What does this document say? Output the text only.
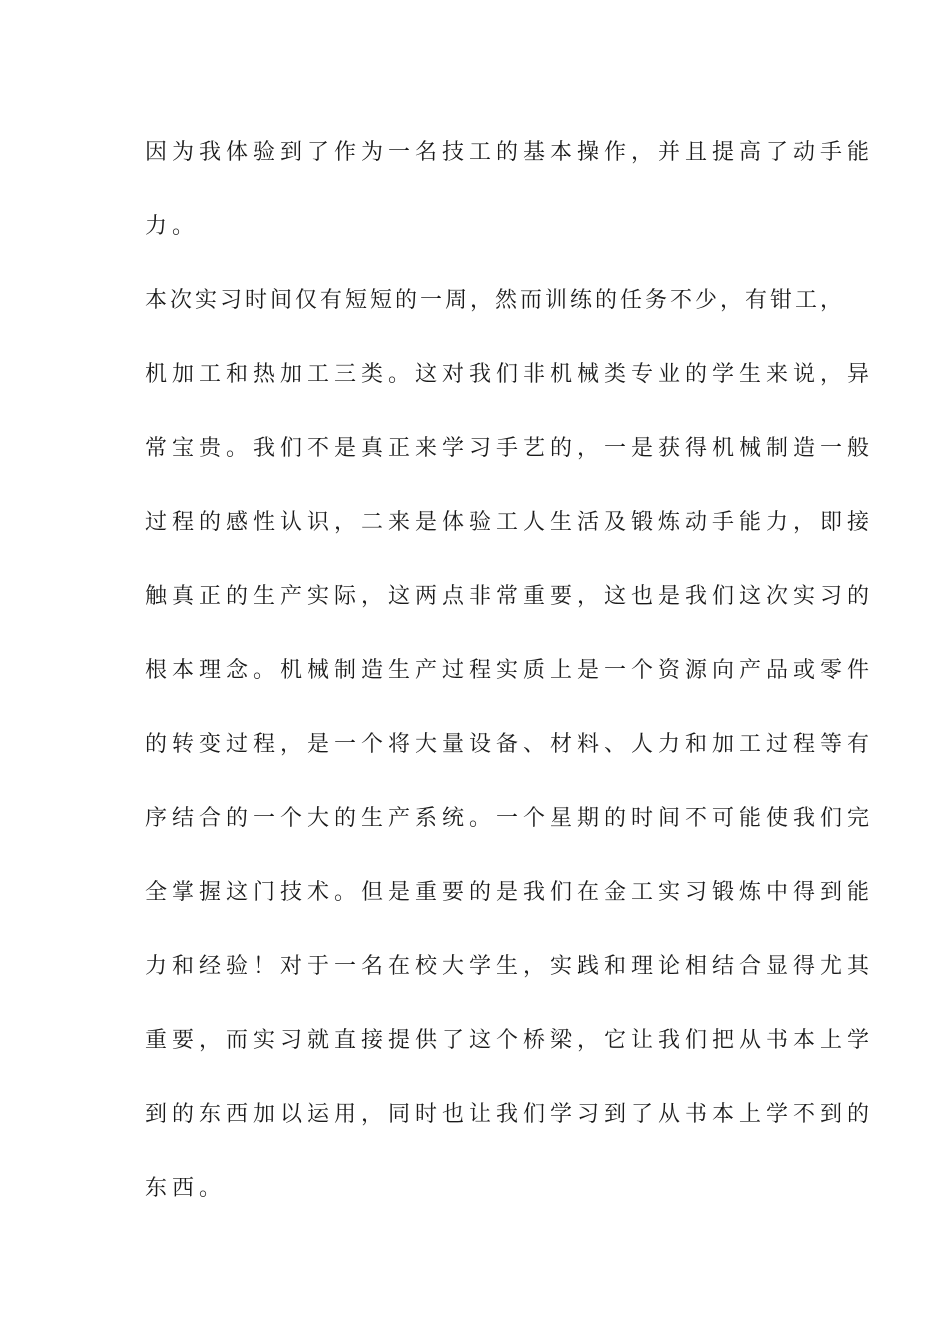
因为我体验到了作为一名技工的基本操作，并且提高了动手能

力。

本次实习时间仅有短短的一周，然而训练的任务不少，有钳工，

机加工和热加工三类。这对我们非机械类专业的学生来说，异

常宝贵。我们不是真正来学习手艺的，一是获得机械制造一般

过程的感性认识，二来是体验工人生活及锻炼动手能力，即接

触真正的生产实际，这两点非常重要，这也是我们这次实习的

根本理念。机械制造生产过程实质上是一个资源向产品或零件

的转变过程，是一个将大量设备、材料、人力和加工过程等有

序结合的一个大的生产系统。一个星期的时间不可能使我们完

全掌握这门技术。但是重要的是我们在金工实习锻炼中得到能

力和经验！对于一名在校大学生，实践和理论相结合显得尤其

重要，而实习就直接提供了这个桥梁，它让我们把从书本上学

到的东西加以运用，同时也让我们学习到了从书本上学不到的

东西。
